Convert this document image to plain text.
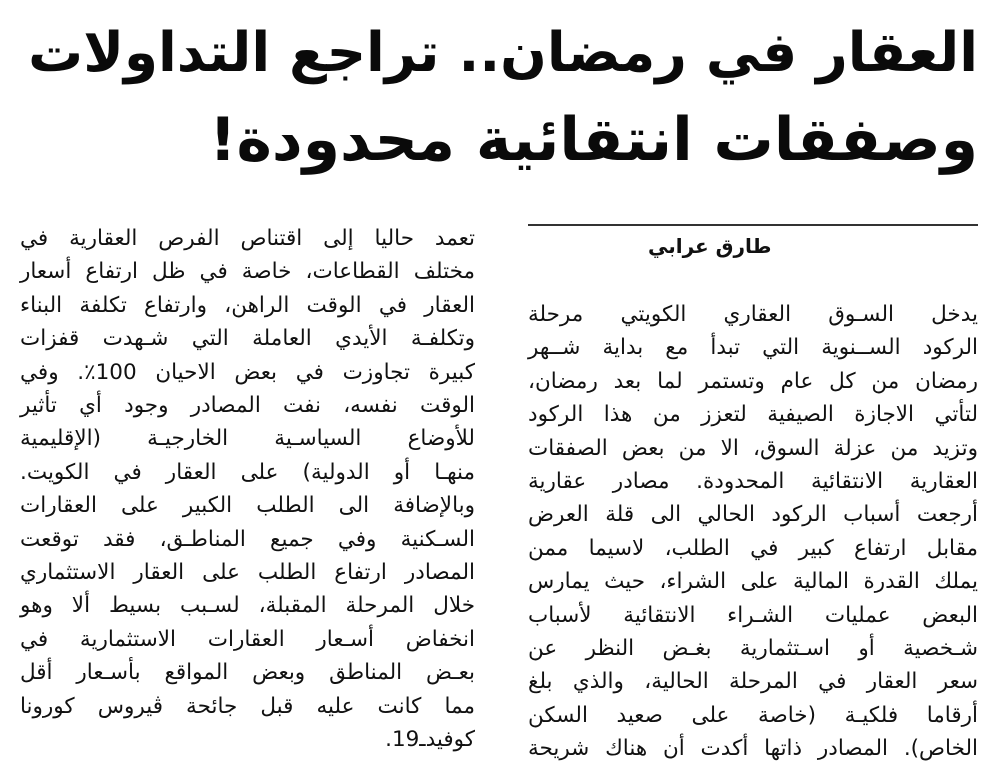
العقار في رمضان.. تراجع التداولات
وصفقات انتقائية محدودة!
طارق عرابي
يدخل السـوق العقاري الكويتي مرحلة
الركود الســنوية التي تبدأ مع بداية شــهر
رمضان من كل عام وتستمر لما بعد رمضان،
لتأتي الاجازة الصيفية لتعزز من هذا الركود
وتزيد من عزلة السوق، الا من بعض الصفقات
العقارية الانتقائية المحدودة. مصادر عقارية
أرجعت أسباب الركود الحالي الى قلة العرض
مقابل ارتفاع كبير في الطلب، لاسيما ممن
يملك القدرة المالية على الشراء، حيث يمارس
البعض عمليات الشـراء الانتقائية لأسباب
شـخصية أو اسـتثمارية بغـض النظر عن
سعر العقار في المرحلة الحالية، والذي بلغ
أرقاما فلكيـة (خاصة على صعيد السكن
الخاص). المصادر ذاتها أكدت أن هناك شريحة
تعمد حاليا إلى اقتناص الفرص العقارية في
مختلف القطاعات، خاصة في ظل ارتفاع أسعار
العقار في الوقت الراهن، وارتفاع تكلفة البناء
وتكلفـة الأيدي العاملة التي شـهدت قفزات
كبيرة تجاوزت في بعض الاحيان 100٪. وفي
الوقت نفسه، نفت المصادر وجود أي تأثير
للأوضاع السياسـية الخارجيـة (الإقليمية
منهـا أو الدولية) على العقار في الكويت.
وبالإضافة الى الطلب الكبير على العقارات
السـكنية وفي جميع المناطـق، فقد توقعت
المصادر ارتفاع الطلب على العقار الاستثماري
خلال المرحلة المقبلة، لسـبب بسيط ألا وهو
انخفاض أسـعار العقارات الاستثمارية في
بعـض المناطق وبعض المواقع بأسـعار أقل
مما كانت عليه قبل جائحة ڤيروس كورونا
كوفيدـ19.
